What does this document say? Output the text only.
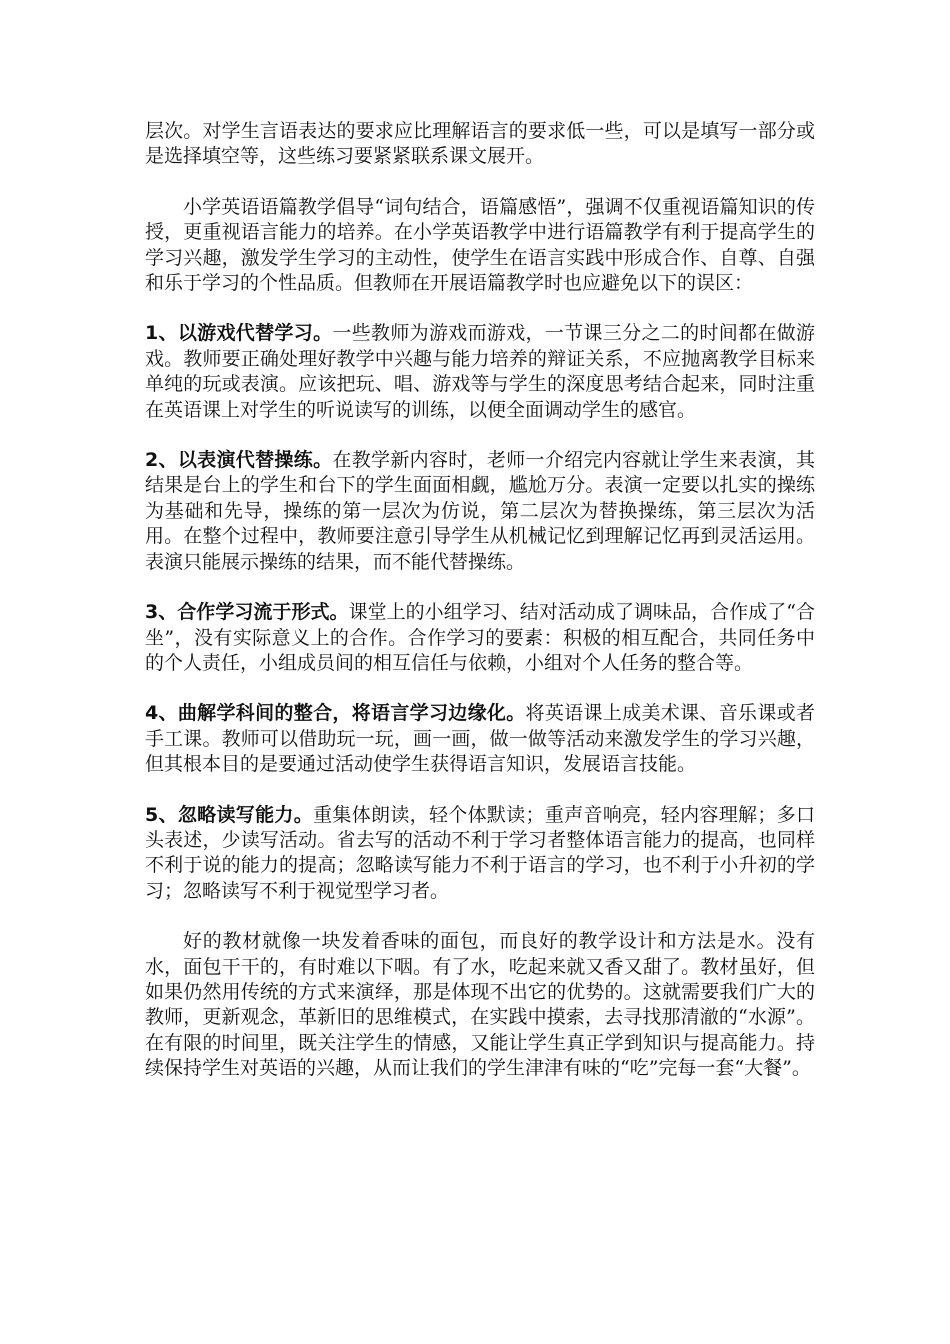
层次。对学生言语表达的要求应比理解语言的要求低一些，可以是填写一部分或是选择填空等，这些练习要紧紧联系课文展开。

小学英语语篇教学倡导“词句结合，语篇感悟”，强调不仅重视语篇知识的传授，更重视语言能力的培养。在小学英语教学中进行语篇教学有利于提高学生的学习兴趣，激发学生学习的主动性，使学生在语言实践中形成合作、自尊、自强和乐于学习的个性品质。但教师在开展语篇教学时也应避免以下的误区：

1、以游戏代替学习。一些教师为游戏而游戏，一节课三分之二的时间都在做游戏。教师要正确处理好教学中兴趣与能力培养的辩证关系，不应抛离教学目标来单纯的玩或表演。应该把玩、唱、游戏等与学生的深度思考结合起来，同时注重在英语课上对学生的听说读写的训练，以便全面调动学生的感官。

2、以表演代替操练。在教学新内容时，老师一介绍完内容就让学生来表演，其结果是台上的学生和台下的学生面面相觑，尴尬万分。表演一定要以扎实的操练为基础和先导，操练的第一层次为仿说，第二层次为替换操练，第三层次为活用。在整个过程中，教师要注意引导学生从机械记忆到理解记忆再到灵活运用。表演只能展示操练的结果，而不能代替操练。

3、合作学习流于形式。课堂上的小组学习、结对活动成了调味品，合作成了“合坐”，没有实际意义上的合作。合作学习的要素：积极的相互配合，共同任务中的个人责任，小组成员间的相互信任与依赖，小组对个人任务的整合等。

4、曲解学科间的整合，将语言学习边缘化。将英语课上成美术课、音乐课或者手工课。教师可以借助玩一玩，画一画，做一做等活动来激发学生的学习兴趣，但其根本目的是要通过活动使学生获得语言知识，发展语言技能。

5、忽略读写能力。重集体朗读，轻个体默读；重声音响亮，轻内容理解；多口头表述，少读写活动。省去写的活动不利于学习者整体语言能力的提高，也同样不利于说的能力的提高；忽略读写能力不利于语言的学习，也不利于小升初的学习；忽略读写不利于视觉型学习者。

好的教材就像一块发着香味的面包，而良好的教学设计和方法是水。没有水，面包干干的，有时难以下咽。有了水，吃起来就又香又甜了。教材虽好，但如果仍然用传统的方式来演绎，那是体现不出它的优势的。这就需要我们广大的教师，更新观念，革新旧的思维模式，在实践中摸索，去寻找那清澈的“水源”。在有限的时间里，既关注学生的情感，又能让学生真正学到知识与提高能力。持续保持学生对英语的兴趣，从而让我们的学生津津有味的“吃”完每一套“大餐”。
